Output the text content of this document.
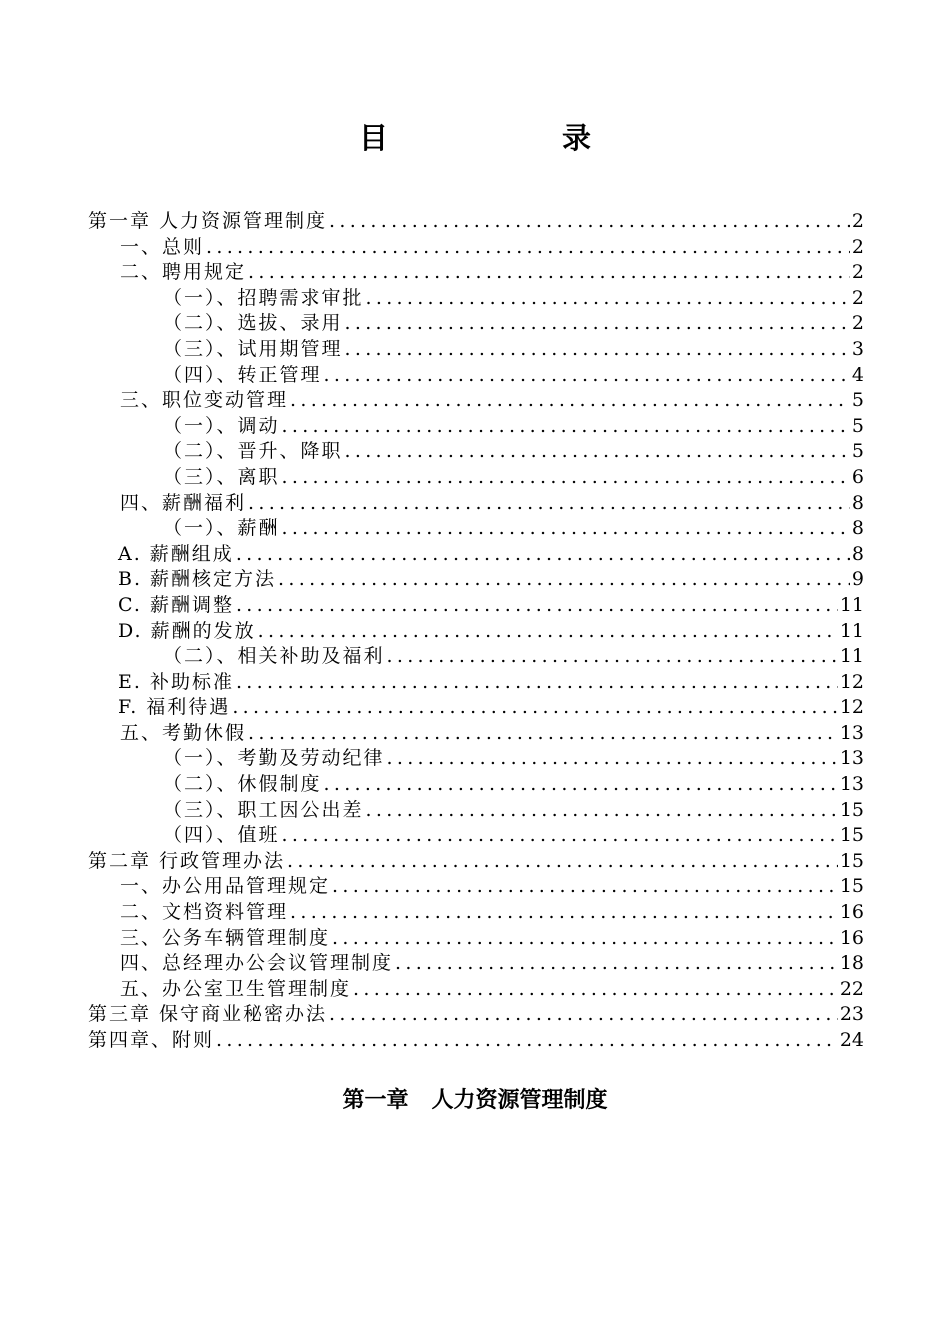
目 录
第一章 人力资源管理制度 .....	2
一、总则 .....	2
二、聘用规定 .....	2
（一）、招聘需求审批 .....	2
（二）、选拔、录用 .....	2
（三）、试用期管理 .....	3
（四）、转正管理 .....	4
三、职位变动管理 .....	5
（一）、调动 .....	5
（二）、晋升、降职 .....	5
（三）、离职 .....	6
四、薪酬福利 .....	8
（一）、薪酬 .....	8
A. 薪酬组成 .....	8
B. 薪酬核定方法 .....	9
C. 薪酬调整 .....	11
D. 薪酬的发放 .....	11
（二）、相关补助及福利 .....	11
E. 补助标准 .....	12
F. 福利待遇 .....	12
五、考勤休假 .....	13
（一）、考勤及劳动纪律 .....	13
（二）、休假制度 .....	13
（三）、职工因公出差 .....	15
（四）、值班 .....	15
第二章 行政管理办法 .....	15
一、办公用品管理规定 .....	15
二、文档资料管理 .....	16
三、公务车辆管理制度 .....	16
四、总经理办公会议管理制度 .....	18
五、办公室卫生管理制度 .....	22
第三章 保守商业秘密办法 .....	23
第四章、附则 .....	24
第一章   人力资源管理制度
